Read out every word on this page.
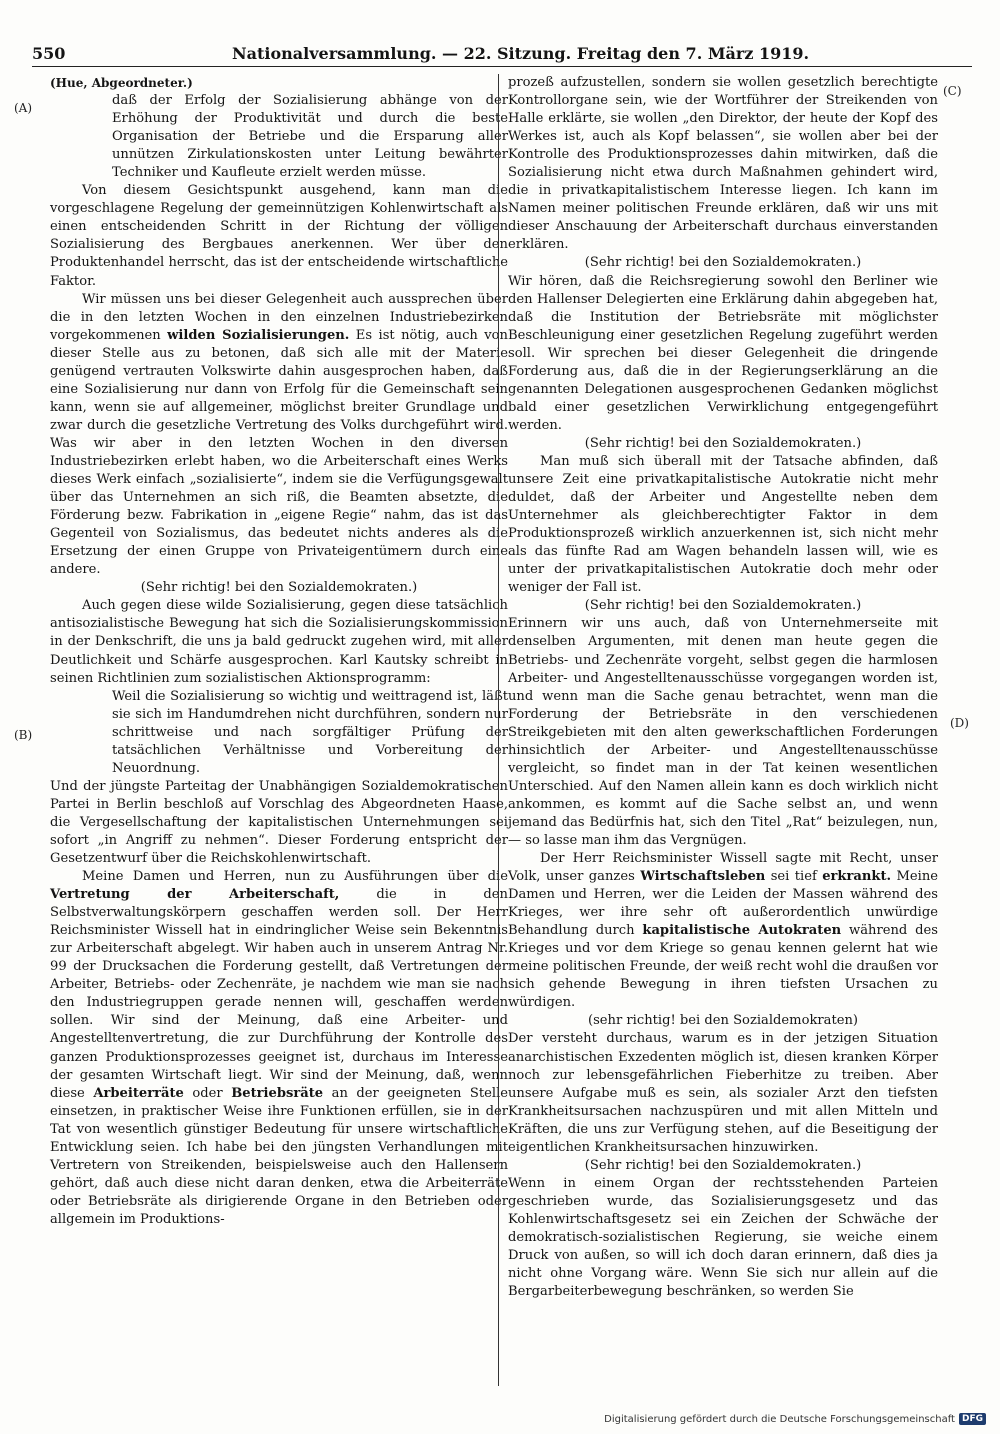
550	Nationalversammlung. — 22. Sitzung. Freitag den 7. März 1919.
(A)
(B)
(C)
(D)

(Hue, Abgeordneter.)

daß der Erfolg der Sozialisierung abhänge von der Erhöhung der Produktivität und durch die beste Organisation der Betriebe und die Ersparung aller unnützen Zirkulationskosten unter Leitung bewährter Techniker und Kaufleute erzielt werden müsse.

Von diesem Gesichtspunkt ausgehend, kann man die vorgeschlagene Regelung der gemeinnützigen Kohlenwirtschaft als einen entscheidenden Schritt in der Richtung der völligen Sozialisierung des Bergbaues anerkennen. Wer über den Produktenhandel herrscht, das ist der entscheidende wirtschaftliche Faktor.

Wir müssen uns bei dieser Gelegenheit auch aussprechen über die in den letzten Wochen in den einzelnen Industriebezirken vorgekommenen wilden Sozialisierungen. Es ist nötig, auch von dieser Stelle aus zu betonen, daß sich alle mit der Materie genügend vertrauten Volkswirte dahin ausgesprochen haben, daß eine Sozialisierung nur dann von Erfolg für die Gemeinschaft sein kann, wenn sie auf allgemeiner, möglichst breiter Grundlage und zwar durch die gesetzliche Vertretung des Volks durchgeführt wird. Was wir aber in den letzten Wochen in den diversen Industriebezirken erlebt haben, wo die Arbeiterschaft eines Werks dieses Werk einfach „sozialisierte“, indem sie die Verfügungsgewalt über das Unternehmen an sich riß, die Beamten absetzte, die Förderung bezw. Fabrikation in „eigene Regie“ nahm, das ist das Gegenteil von Sozialismus, das bedeutet nichts anderes als die Ersetzung der einen Gruppe von Privateigentümern durch eine andere.

(Sehr richtig! bei den Sozialdemokraten.)

Auch gegen diese wilde Sozialisierung, gegen diese tatsächlich antisozialistische Bewegung hat sich die Sozialisierungskommission in der Denkschrift, die uns ja bald gedruckt zugehen wird, mit aller Deutlichkeit und Schärfe ausgesprochen. Karl Kautsky schreibt in seinen Richtlinien zum sozialistischen Aktionsprogramm:

Weil die Sozialisierung so wichtig und weittragend ist, läßt sie sich im Handumdrehen nicht durchführen, sondern nur schrittweise und nach sorgfältiger Prüfung der tatsächlichen Verhältnisse und Vorbereitung der Neuordnung.

Und der jüngste Parteitag der Unabhängigen Sozialdemokratischen Partei in Berlin beschloß auf Vorschlag des Abgeordneten Haase, die Vergesellschaftung der kapitalistischen Unternehmungen sei sofort „in Angriff zu nehmen“. Dieser Forderung entspricht der Gesetzentwurf über die Reichskohlenwirtschaft.

Meine Damen und Herren, nun zu Ausführungen über die Vertretung der Arbeiterschaft, die in den Selbstverwaltungskörpern geschaffen werden soll. Der Herr Reichsminister Wissell hat in eindringlicher Weise sein Bekenntnis zur Arbeiterschaft abgelegt. Wir haben auch in unserem Antrag Nr. 99 der Drucksachen die Forderung gestellt, daß Vertretungen der Arbeiter, Betriebs- oder Zechenräte, je nachdem wie man sie nach den Industriegruppen gerade nennen will, geschaffen werden sollen. Wir sind der Meinung, daß eine Arbeiter- und Angestelltenvertretung, die zur Durchführung der Kontrolle des ganzen Produktionsprozesses geeignet ist, durchaus im Interesse der gesamten Wirtschaft liegt. Wir sind der Meinung, daß, wenn diese Arbeiterräte oder Betriebsräte an der geeigneten Stelle einsetzen, in praktischer Weise ihre Funktionen erfüllen, sie in der Tat von wesentlich günstiger Bedeutung für unsere wirtschaftliche Entwicklung seien. Ich habe bei den jüngsten Verhandlungen mit Vertretern von Streikenden, beispielsweise auch den Hallensern gehört, daß auch diese nicht daran denken, etwa die Arbeiterräte oder Betriebsräte als dirigierende Organe in den Betrieben oder allgemein im Produktions-

prozeß aufzustellen, sondern sie wollen gesetzlich berechtigte Kontrollorgane sein, wie der Wortführer der Streikenden von Halle erklärte, sie wollen „den Direktor, der heute der Kopf des Werkes ist, auch als Kopf belassen“, sie wollen aber bei der Kontrolle des Produktionsprozesses dahin mitwirken, daß die Sozialisierung nicht etwa durch Maßnahmen gehindert wird, die in privatkapitalistischem Interesse liegen. Ich kann im Namen meiner politischen Freunde erklären, daß wir uns mit dieser Anschauung der Arbeiterschaft durchaus einverstanden erklären.

(Sehr richtig! bei den Sozialdemokraten.)

Wir hören, daß die Reichsregierung sowohl den Berliner wie den Hallenser Delegierten eine Erklärung dahin abgegeben hat, daß die Institution der Betriebsräte mit möglichster Beschleunigung einer gesetzlichen Regelung zugeführt werden soll. Wir sprechen bei dieser Gelegenheit die dringende Forderung aus, daß die in der Regierungserklärung an die genannten Delegationen ausgesprochenen Gedanken möglichst bald einer gesetzlichen Verwirklichung entgegengeführt werden.

(Sehr richtig! bei den Sozialdemokraten.)

Man muß sich überall mit der Tatsache abfinden, daß unsere Zeit eine privatkapitalistische Autokratie nicht mehr duldet, daß der Arbeiter und Angestellte neben dem Unternehmer als gleichberechtigter Faktor in dem Produktionsprozeß wirklich anzuerkennen ist, sich nicht mehr als das fünfte Rad am Wagen behandeln lassen will, wie es unter der privatkapitalistischen Autokratie doch mehr oder weniger der Fall ist.

(Sehr richtig! bei den Sozialdemokraten.)

Erinnern wir uns auch, daß von Unternehmerseite mit denselben Argumenten, mit denen man heute gegen die Betriebs- und Zechenräte vorgeht, selbst gegen die harmlosen Arbeiter- und Angestelltenausschüsse vorgegangen worden ist, und wenn man die Sache genau betrachtet, wenn man die Forderung der Betriebsräte in den verschiedenen Streikgebieten mit den alten gewerkschaftlichen Forderungen hinsichtlich der Arbeiter- und Angestelltenausschüsse vergleicht, so findet man in der Tat keinen wesentlichen Unterschied. Auf den Namen allein kann es doch wirklich nicht ankommen, es kommt auf die Sache selbst an, und wenn jemand das Bedürfnis hat, sich den Titel „Rat“ beizulegen, nun, — so lasse man ihm das Vergnügen.

Der Herr Reichsminister Wissell sagte mit Recht, unser Volk, unser ganzes Wirtschaftsleben sei tief erkrankt. Meine Damen und Herren, wer die Leiden der Massen während des Krieges, wer ihre sehr oft außerordentlich unwürdige Behandlung durch kapitalistische Autokraten während des Krieges und vor dem Kriege so genau kennen gelernt hat wie meine politischen Freunde, der weiß recht wohl die draußen vor sich gehende Bewegung in ihren tiefsten Ursachen zu würdigen.

(sehr richtig! bei den Sozialdemokraten)

Der versteht durchaus, warum es in der jetzigen Situation anarchistischen Exzedenten möglich ist, diesen kranken Körper noch zur lebensgefährlichen Fieberhitze zu treiben. Aber unsere Aufgabe muß es sein, als sozialer Arzt den tiefsten Krankheitsursachen nachzuspüren und mit allen Mitteln und Kräften, die uns zur Verfügung stehen, auf die Beseitigung der eigentlichen Krankheitsursachen hinzuwirken.

(Sehr richtig! bei den Sozialdemokraten.)

Wenn in einem Organ der rechtsstehenden Parteien geschrieben wurde, das Sozialisierungsgesetz und das Kohlenwirtschaftsgesetz sei ein Zeichen der Schwäche der demokratisch-sozialistischen Regierung, sie weiche einem Druck von außen, so will ich doch daran erinnern, daß dies ja nicht ohne Vorgang wäre. Wenn Sie sich nur allein auf die Bergarbeiterbewegung beschränken, so werden Sie

Digitalisierung gefördert durch die Deutsche Forschungsgemeinschaft DFG
